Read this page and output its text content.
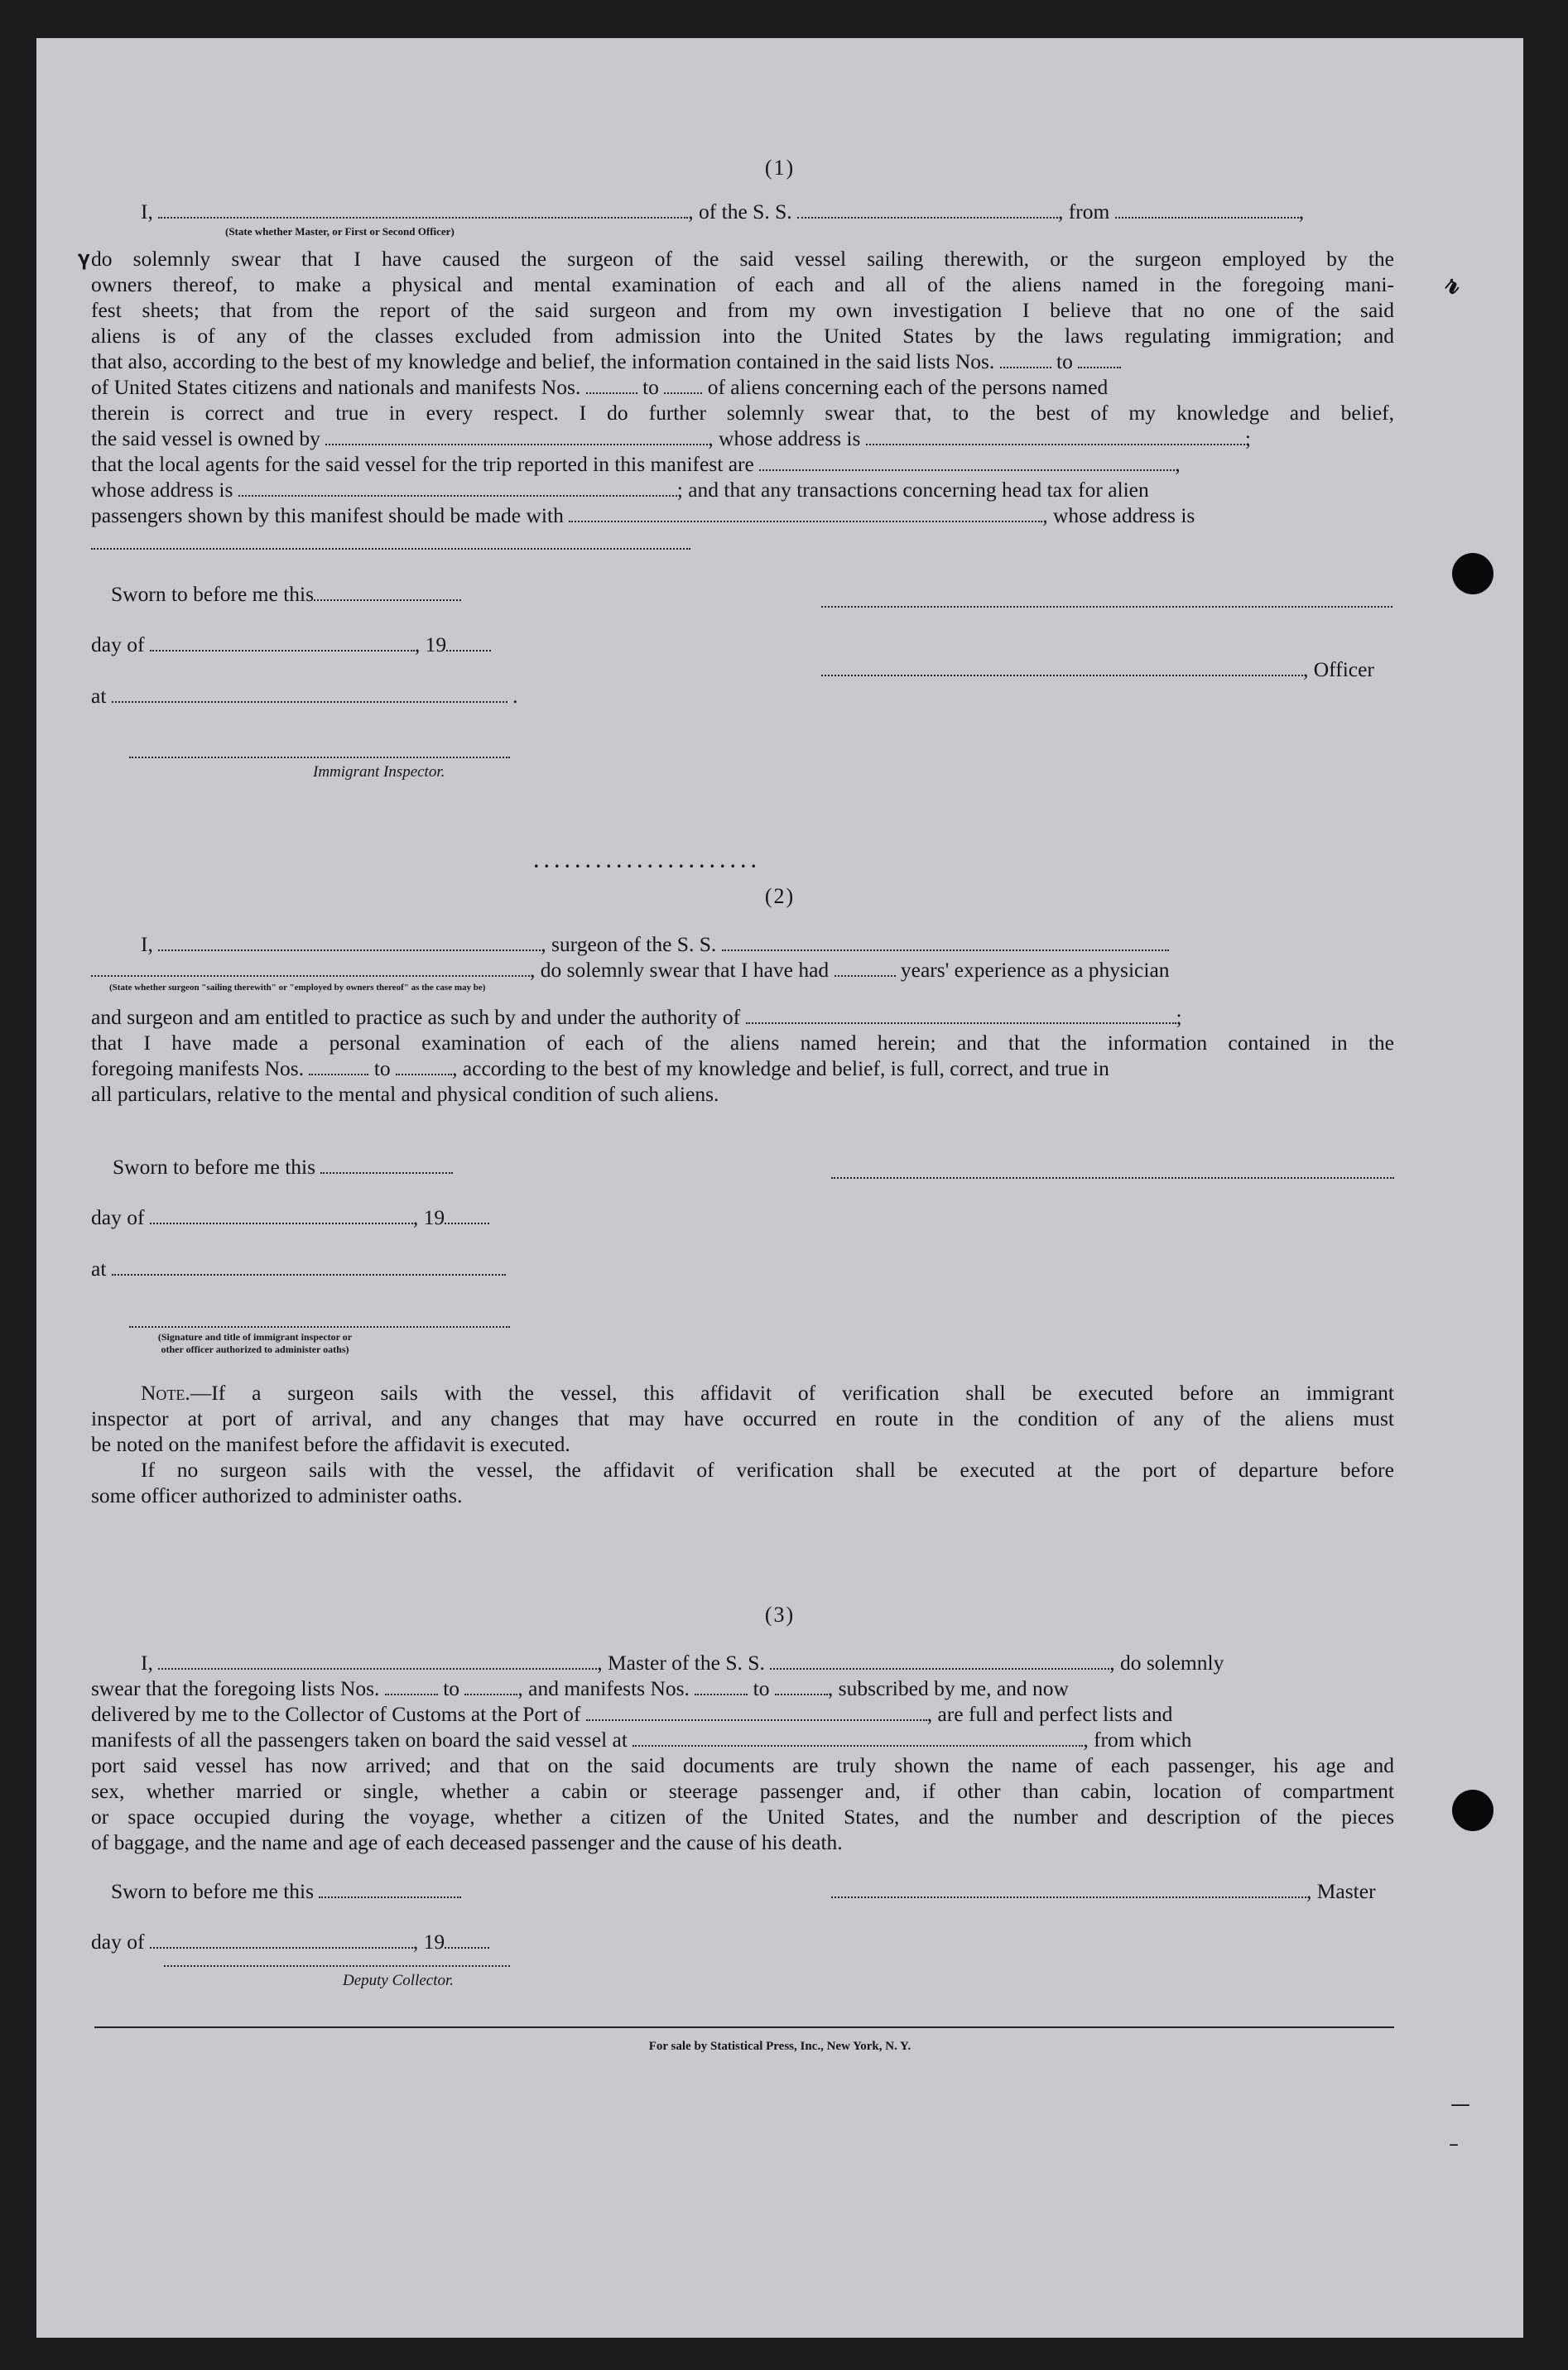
𝓇
(1)
I,	, of the S. S.	, from	,
(State whether Master, or First or Second Officer)
𝛄 do solemnly swear that I have caused the surgeon of the said vessel sailing therewith, or the surgeon employed by the
owners thereof, to make a physical and mental examination of each and all of the aliens named in the foregoing mani-
fest sheets; that from the report of the said surgeon and from my own investigation I believe that no one of the said
aliens is of any of the classes excluded from admission into the United States by the laws regulating immigration; and
that also, according to the best of my knowledge and belief, the information contained in the said lists Nos.	to
of United States citizens and nationals and manifests Nos.	to of aliens concerning each of the persons named
therein is correct and true in every respect. I do further solemnly swear that, to the best of my knowledge and belief,
the said vessel is owned by	, whose address is	;
that the local agents for the said vessel for the trip reported in this manifest are	,
whose address is	; and that any transactions concerning head tax for alien
passengers shown by this manifest should be made with	, whose address is
Sworn to before me this
day of	, 19
, Officer
at	.
Immigrant Inspector.
......................
(2)
I,	, surgeon of the S. S.
, do solemnly swear that I have had	years' experience as a physician
(State whether surgeon "sailing therewith" or "employed by owners thereof" as the case may be)
and surgeon and am entitled to practice as such by and under the authority of	;
that I have made a personal examination of each of the aliens named herein; and that the information contained in the
foregoing manifests Nos.	to	, according to the best of my knowledge and belief, is full, correct, and true in
all particulars, relative to the mental and physical condition of such aliens.
Sworn to before me this
day of	, 19
at
(Signature and title of immigrant inspector or
other officer authorized to administer oaths)
Note.—If a surgeon sails with the vessel, this affidavit of verification shall be executed before an immigrant
inspector at port of arrival, and any changes that may have occurred en route in the condition of any of the aliens must
be noted on the manifest before the affidavit is executed.
If no surgeon sails with the vessel, the affidavit of verification shall be executed at the port of departure before
some officer authorized to administer oaths.
(3)
I,	, Master of the S. S.	, do solemnly
swear that the foregoing lists Nos.	to	, and manifests Nos.	to	, subscribed by me, and now
delivered by me to the Collector of Customs at the Port of	, are full and perfect lists and
manifests of all the passengers taken on board the said vessel at	, from which
port said vessel has now arrived; and that on the said documents are truly shown the name of each passenger, his age and
sex, whether married or single, whether a cabin or steerage passenger and, if other than cabin, location of compartment
or space occupied during the voyage, whether a citizen of the United States, and the number and description of the pieces
of baggage, and the name and age of each deceased passenger and the cause of his death.
Sworn to before me this	, Master
day of	, 19
Deputy Collector.
For sale by Statistical Press, Inc., New York, N. Y.
—
–
